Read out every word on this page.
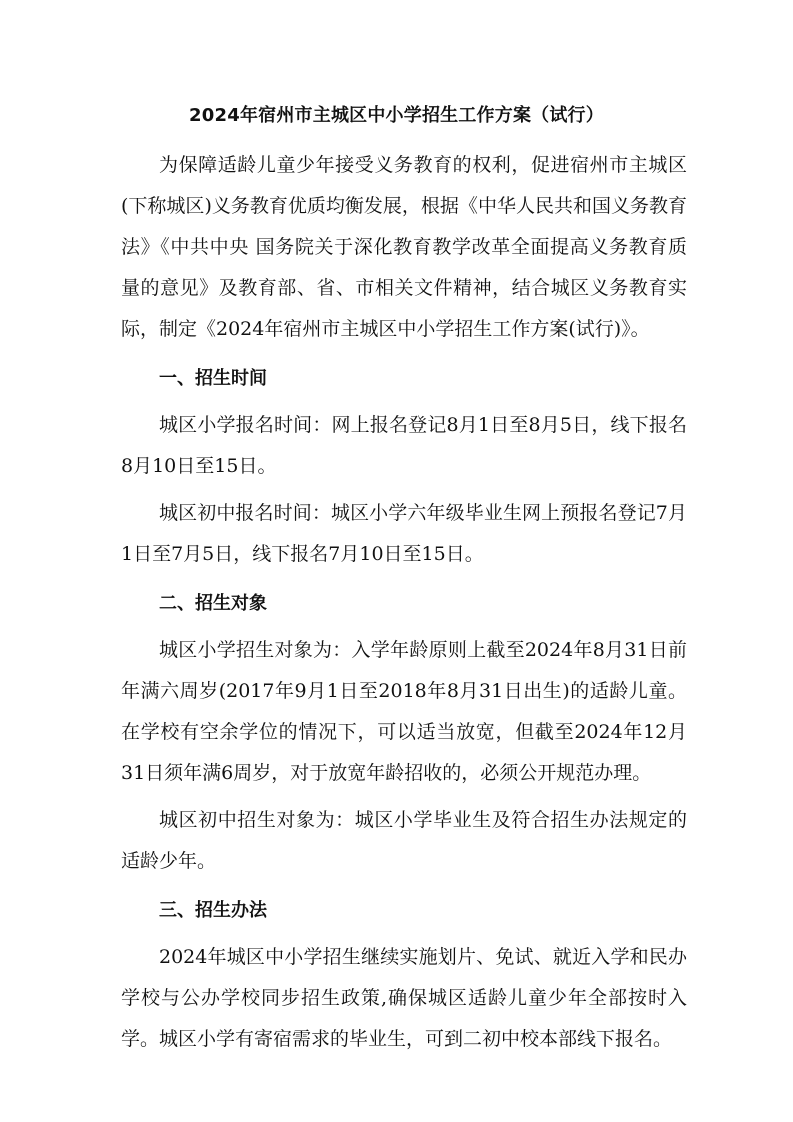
2024年宿州市主城区中小学招生工作方案（试行）

为保障适龄儿童少年接受义务教育的权利，促进宿州市主城区(下称城区)义务教育优质均衡发展，根据《中华人民共和国义务教育法》《中共中央 国务院关于深化教育教学改革全面提高义务教育质量的意见》及教育部、省、市相关文件精神，结合城区义务教育实际，制定《2024年宿州市主城区中小学招生工作方案(试行)》。

一、招生时间

城区小学报名时间：网上报名登记8月1日至8月5日，线下报名8月10日至15日。

城区初中报名时间：城区小学六年级毕业生网上预报名登记7月1日至7月5日，线下报名7月10日至15日。

二、招生对象

城区小学招生对象为：入学年龄原则上截至2024年8月31日前年满六周岁(2017年9月1日至2018年8月31日出生)的适龄儿童。在学校有空余学位的情况下，可以适当放宽，但截至2024年12月31日须年满6周岁，对于放宽年龄招收的，必须公开规范办理。

城区初中招生对象为：城区小学毕业生及符合招生办法规定的适龄少年。

三、招生办法

2024年城区中小学招生继续实施划片、免试、就近入学和民办学校与公办学校同步招生政策,确保城区适龄儿童少年全部按时入学。城区小学有寄宿需求的毕业生，可到二初中校本部线下报名。
